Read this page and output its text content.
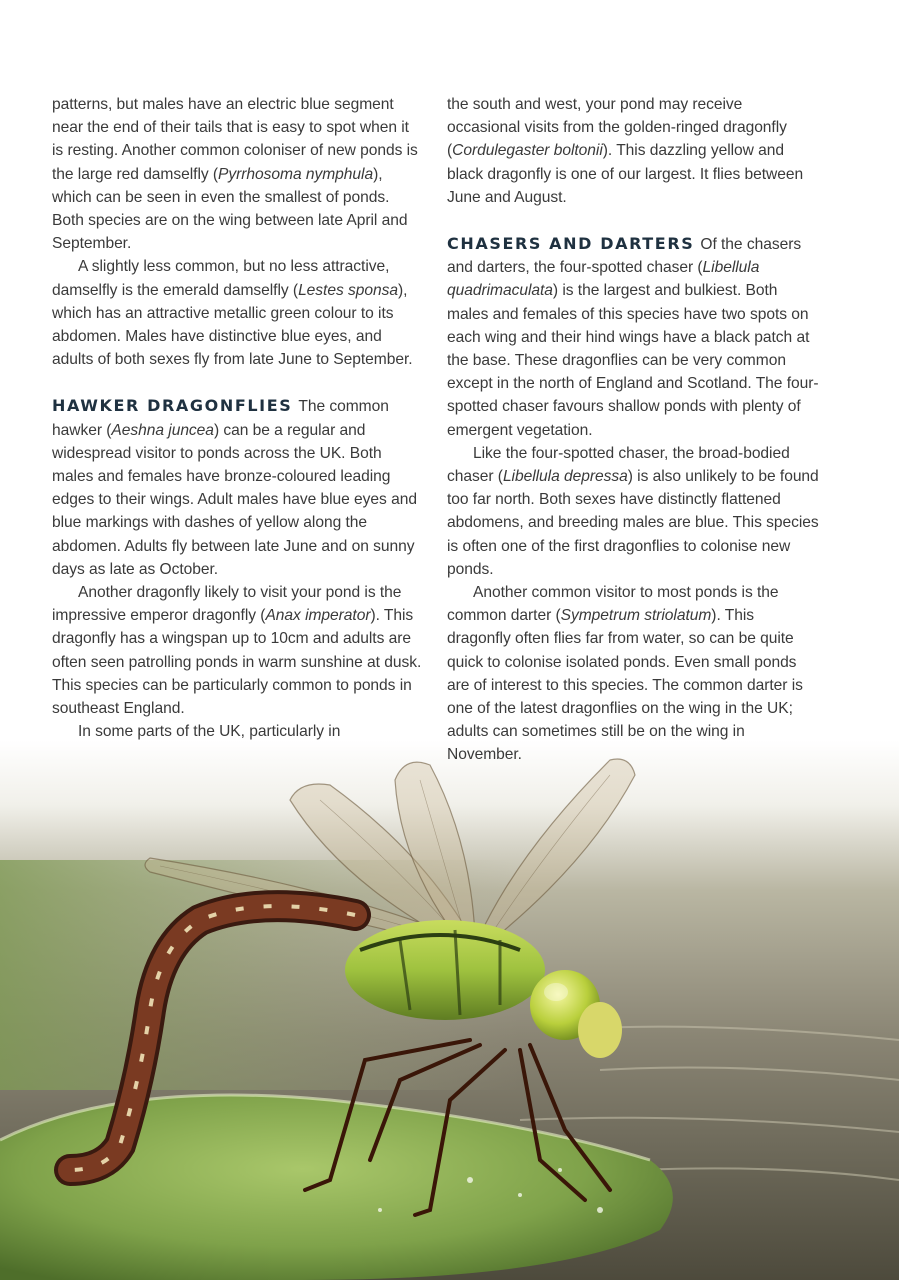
patterns, but males have an electric blue segment near the end of their tails that is easy to spot when it is resting. Another common coloniser of new ponds is the large red damselfly (Pyrrhosoma nymphula), which can be seen in even the smallest of ponds. Both species are on the wing between late April and September.

A slightly less common, but no less attractive, damselfly is the emerald damselfly (Lestes sponsa), which has an attractive metallic green colour to its abdomen. Males have distinctive blue eyes, and adults of both sexes fly from late June to September.

HAWKER DRAGONFLIES The common hawker (Aeshna juncea) can be a regular and widespread visitor to ponds across the UK. Both males and females have bronze-coloured leading edges to their wings. Adult males have blue eyes and blue markings with dashes of yellow along the abdomen. Adults fly between late June and on sunny days as late as October.

Another dragonfly likely to visit your pond is the impressive emperor dragonfly (Anax imperator). This dragonfly has a wingspan up to 10cm and adults are often seen patrolling ponds in warm sunshine at dusk. This species can be particularly common to ponds in southeast England.

In some parts of the UK, particularly in

the south and west, your pond may receive occasional visits from the golden-ringed dragonfly (Cordulegaster boltonii). This dazzling yellow and black dragonfly is one of our largest. It flies between June and August.

CHASERS AND DARTERS Of the chasers and darters, the four-spotted chaser (Libellula quadrimaculata) is the largest and bulkiest. Both males and females of this species have two spots on each wing and their hind wings have a black patch at the base. These dragonflies can be very common except in the north of England and Scotland. The four-spotted chaser favours shallow ponds with plenty of emergent vegetation.

Like the four-spotted chaser, the broad-bodied chaser (Libellula depressa) is also unlikely to be found too far north. Both sexes have distinctly flattened abdomens, and breeding males are blue. This species is often one of the first dragonflies to colonise new ponds.

Another common visitor to most ponds is the common darter (Sympetrum striolatum). This dragonfly often flies far from water, so can be quite quick to colonise isolated ponds. Even small ponds are of interest to this species. The common darter is one of the latest dragonflies on the wing in the UK; adults can sometimes still be on the wing in November.
